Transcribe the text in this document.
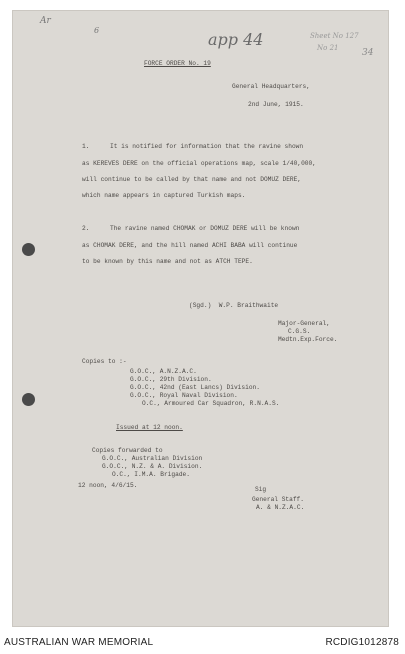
Ar
6	app 44	Sheet No 127
No 21	34
FORCE ORDER No. 19
General Headquarters,
2nd June, 1915.
1.	It is notified for information that the ravine shown
as KEREVES DERE on the official operations map, scale 1/40,000,
will continue to be called by that name and not DOMUZ DERE,
which name appears in captured Turkish maps.
2.	The ravine named CHOMAK or DOMUZ DERE will be known
as CHOMAK DERE, and the hill named ACHI BABA will continue
to be known by this name and not as ATCH TEPE.
(Sgd.)  W.P. Braithwaite
Major-General,
C.G.S.
Medtn.Exp.Force.
Copies to :-
G.O.C., A.N.Z.A.C.
G.O.C., 29th Division.
G.O.C., 42nd (East Lancs) Division.
G.O.C., Royal Naval Division.
O.C., Armoured Car Squadron, R.N.A.S.
Issued at 12 noon.
Copies forwarded to
G.O.C., Australian Division
G.O.C., N.Z. & A. Division.
O.C., I.M.A. Brigade.
12 noon, 4/6/15.
Sig
General Staff.
A. & N.Z.A.C.
AUSTRALIAN WAR MEMORIAL	RCDIG1012878
